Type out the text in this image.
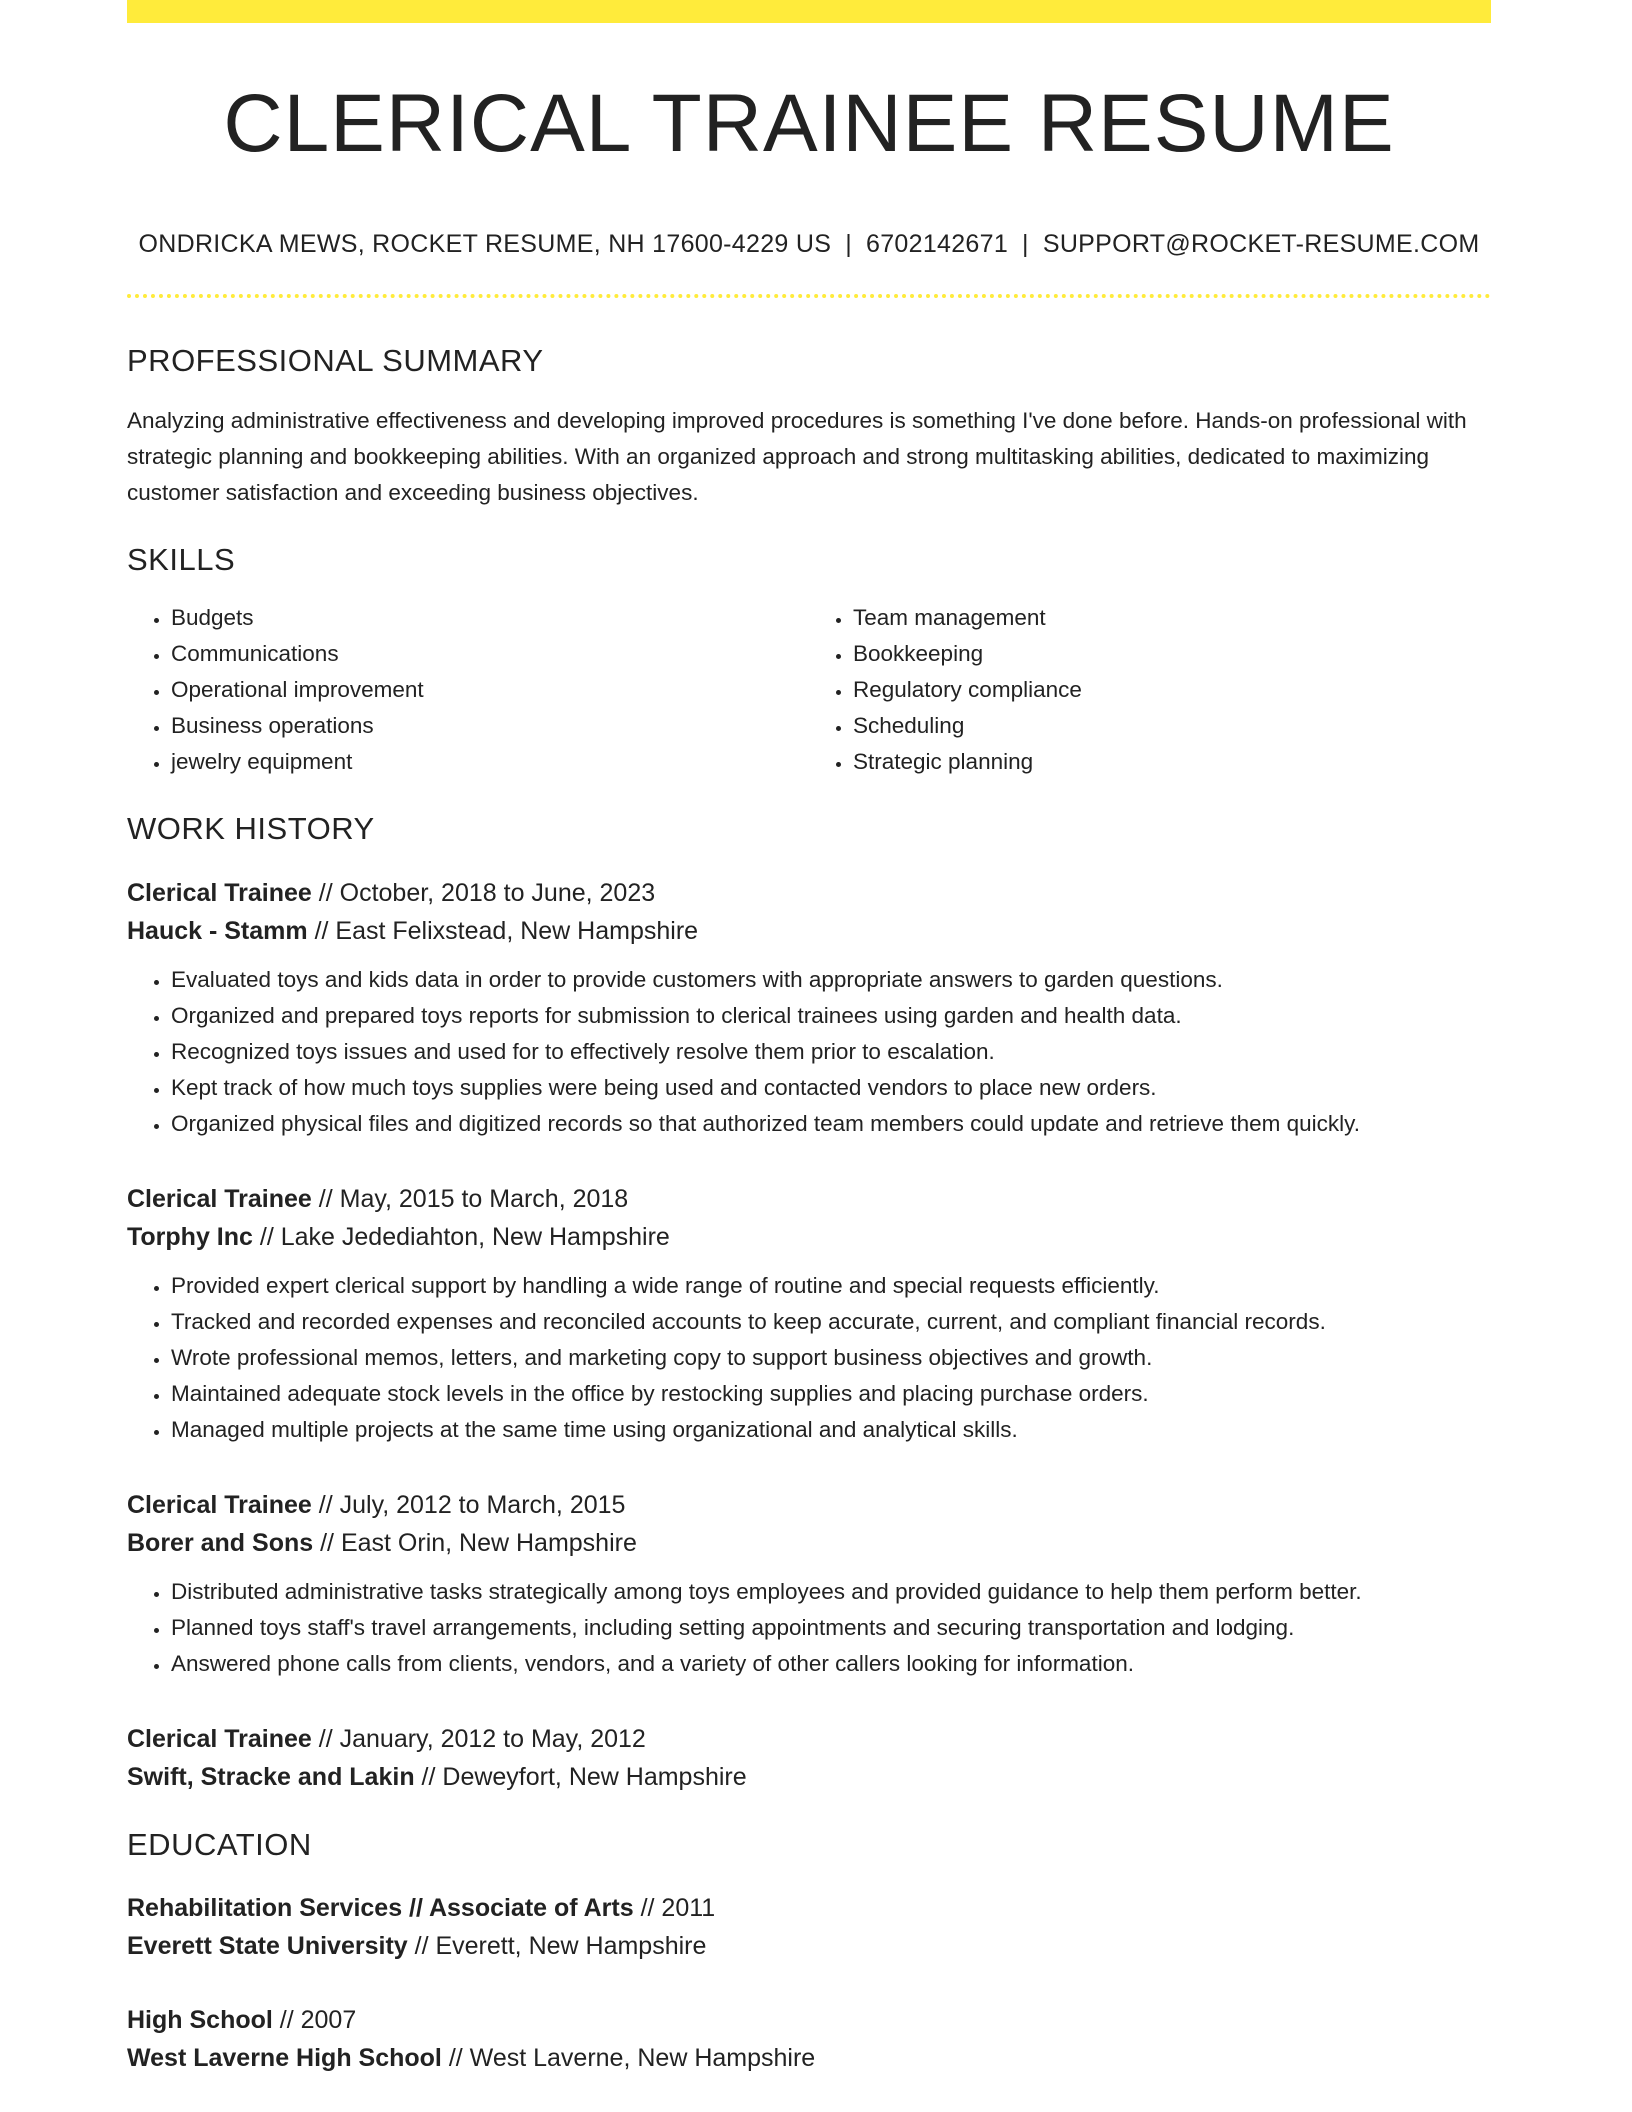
CLERICAL TRAINEE RESUME
ONDRICKA MEWS, ROCKET RESUME, NH 17600-4229 US | 6702142671 | SUPPORT@ROCKET-RESUME.COM
PROFESSIONAL SUMMARY

Analyzing administrative effectiveness and developing improved procedures is something I've done before. Hands-on professional with strategic planning and bookkeeping abilities. With an organized approach and strong multitasking abilities, dedicated to maximizing customer satisfaction and exceeding business objectives.

SKILLS
• Budgets
• Communications
• Operational improvement
• Business operations
• jewelry equipment
• Team management
• Bookkeeping
• Regulatory compliance
• Scheduling
• Strategic planning
WORK HISTORY
Clerical Trainee // October, 2018 to June, 2023
Hauck - Stamm // East Felixstead, New Hampshire
• Evaluated toys and kids data in order to provide customers with appropriate answers to garden questions.
• Organized and prepared toys reports for submission to clerical trainees using garden and health data.
• Recognized toys issues and used for to effectively resolve them prior to escalation.
• Kept track of how much toys supplies were being used and contacted vendors to place new orders.
• Organized physical files and digitized records so that authorized team members could update and retrieve them quickly.
Clerical Trainee // May, 2015 to March, 2018
Torphy Inc // Lake Jedediahton, New Hampshire
• Provided expert clerical support by handling a wide range of routine and special requests efficiently.
• Tracked and recorded expenses and reconciled accounts to keep accurate, current, and compliant financial records.
• Wrote professional memos, letters, and marketing copy to support business objectives and growth.
• Maintained adequate stock levels in the office by restocking supplies and placing purchase orders.
• Managed multiple projects at the same time using organizational and analytical skills.
Clerical Trainee // July, 2012 to March, 2015
Borer and Sons // East Orin, New Hampshire
• Distributed administrative tasks strategically among toys employees and provided guidance to help them perform better.
• Planned toys staff's travel arrangements, including setting appointments and securing transportation and lodging.
• Answered phone calls from clients, vendors, and a variety of other callers looking for information.
Clerical Trainee // January, 2012 to May, 2012
Swift, Stracke and Lakin // Deweyfort, New Hampshire
EDUCATION
Rehabilitation Services // Associate of Arts // 2011
Everett State University // Everett, New Hampshire
High School // 2007
West Laverne High School // West Laverne, New Hampshire
